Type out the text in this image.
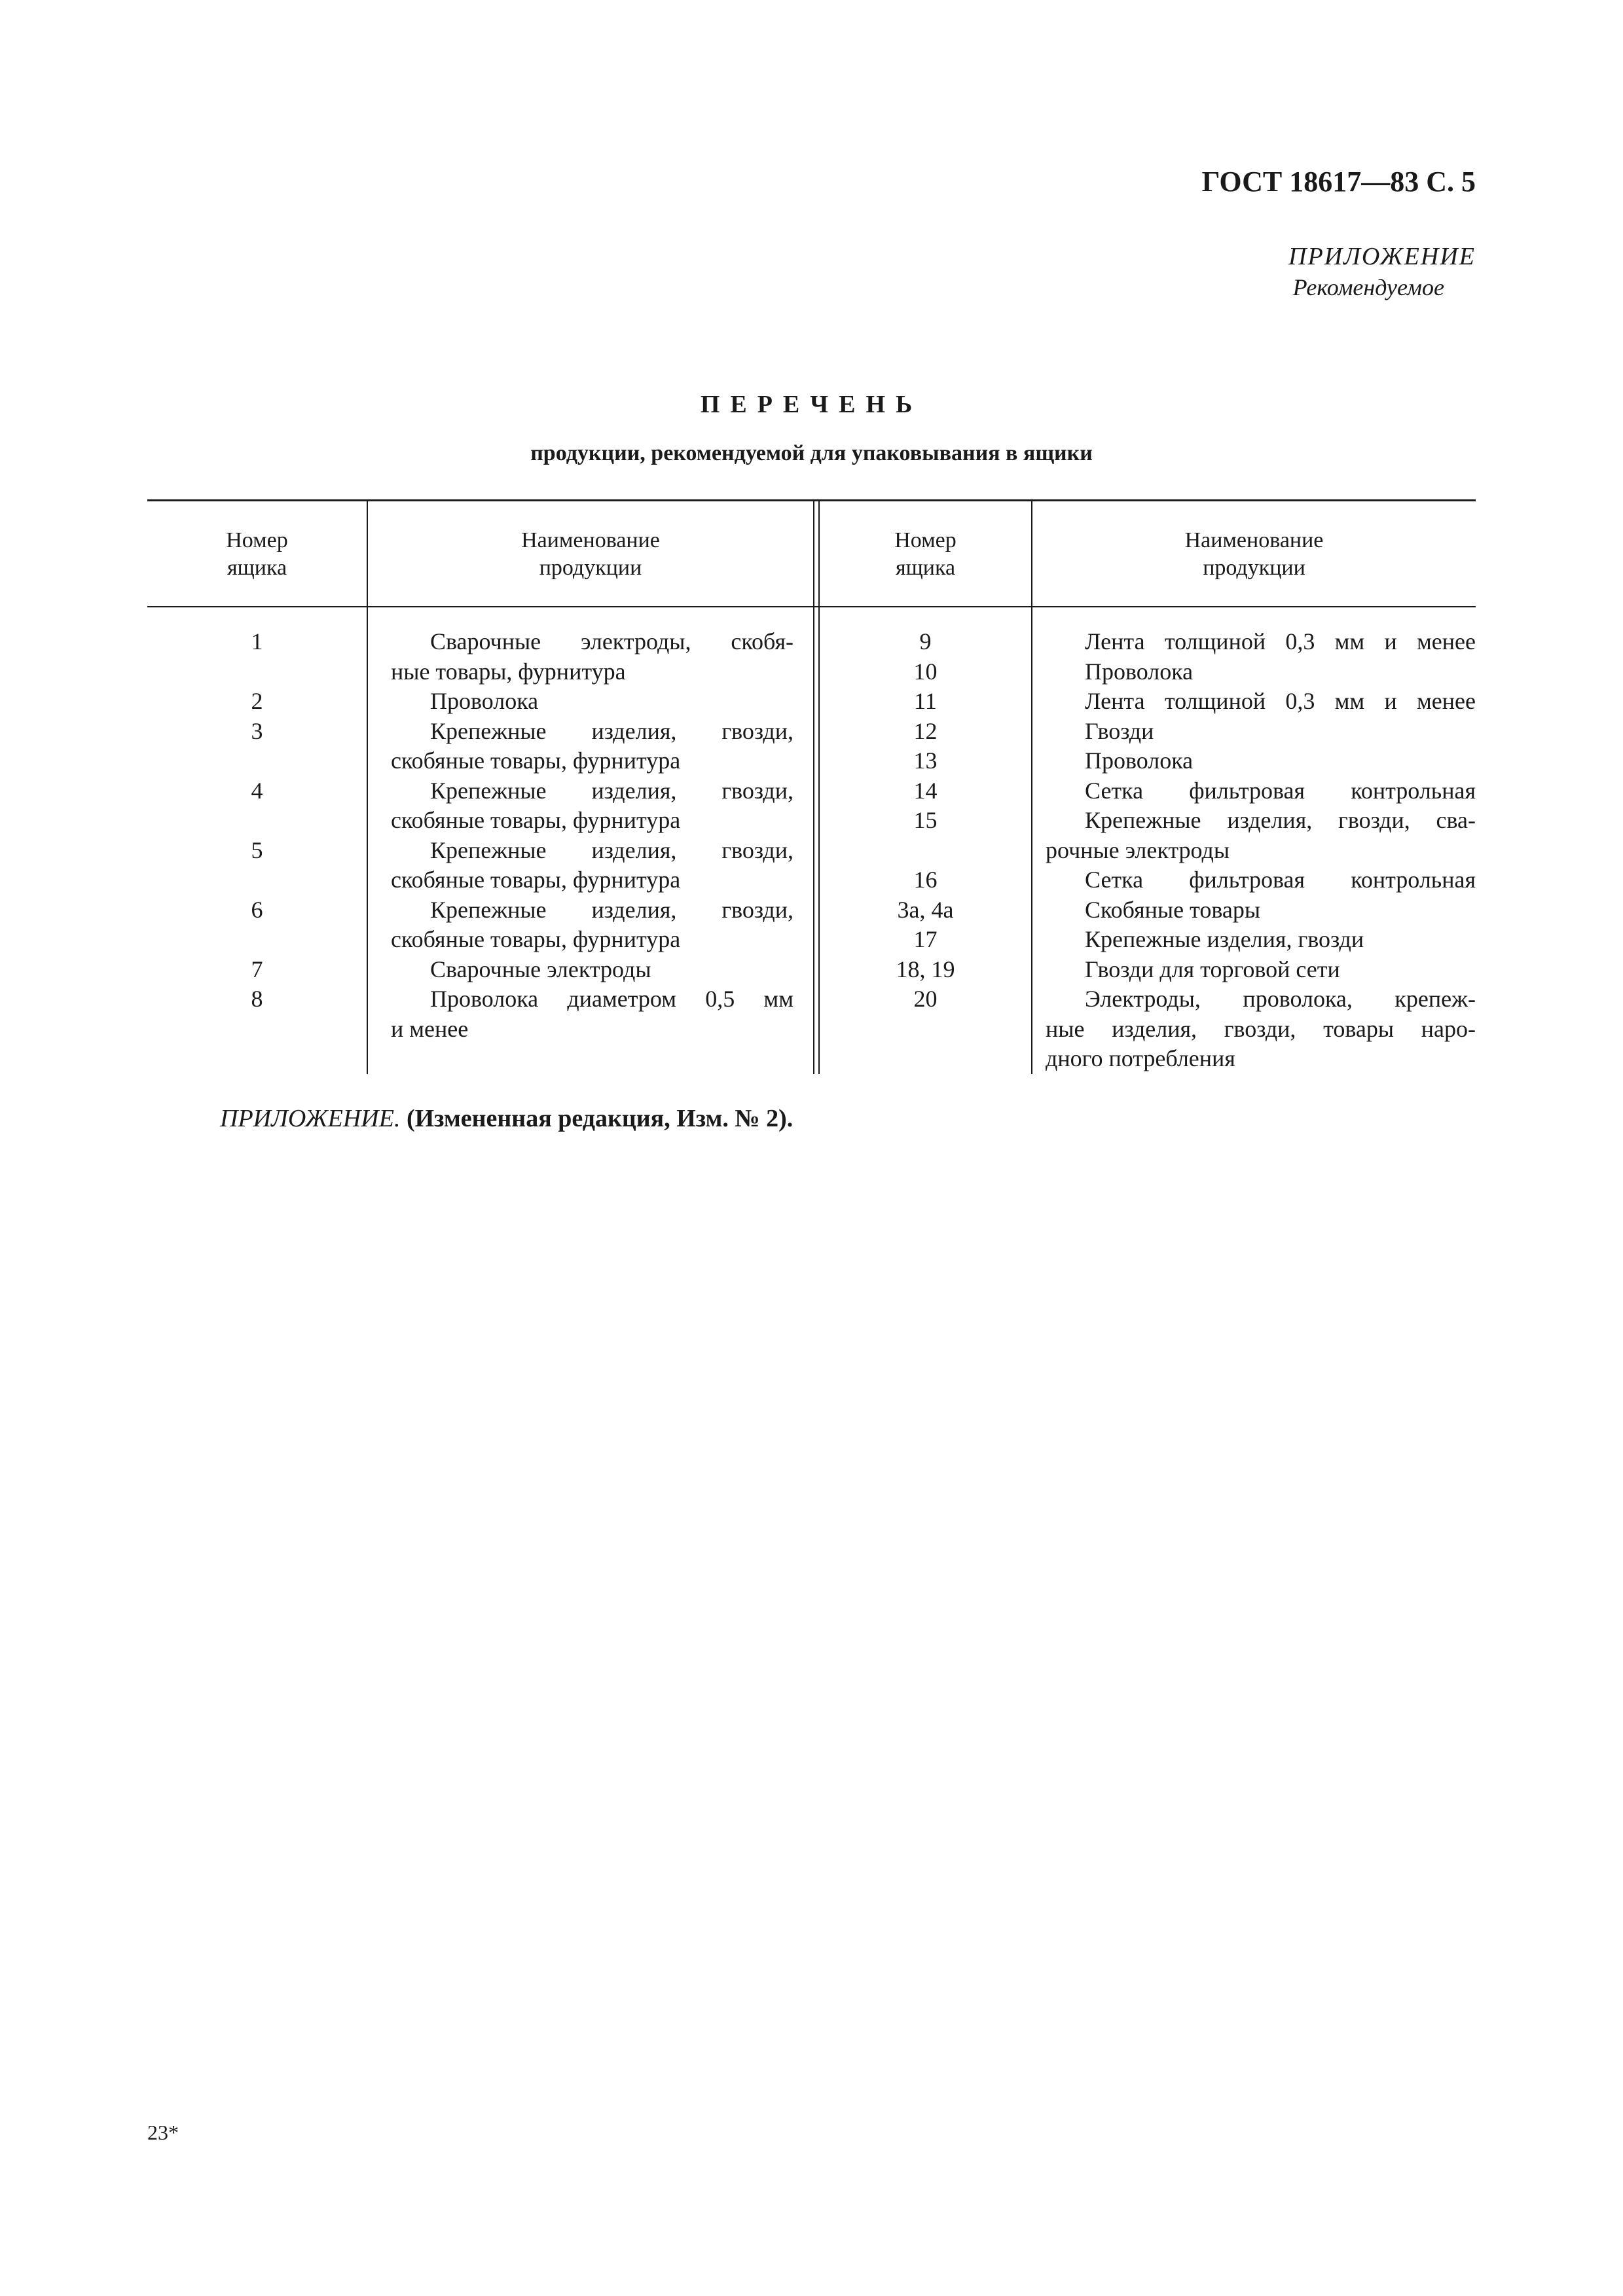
ГОСТ 18617—83 С. 5
ПРИЛОЖЕНИЕ
Рекомендуемое
ПЕРЕЧЕНЬ
продукции, рекомендуемой для упаковывания в ящики
Номер
ящика
Наименование
продукции
Номер
ящика
Наименование
продукции
1
2
3
4
5
6
7
8
Сварочные электроды, скобя-
ные товары, фурнитура
Проволока
Крепежные изделия, гвозди,
скобяные товары, фурнитура
Крепежные изделия, гвозди,
скобяные товары, фурнитура
Крепежные изделия, гвозди,
скобяные товары, фурнитура
Крепежные изделия, гвозди,
скобяные товары, фурнитура
Сварочные электроды
Проволока диаметром 0,5 мм
и менее
9
10
11
12
13
14
15
16
3а, 4а
17
18, 19
20
Лента толщиной 0,3 мм и менее
Проволока
Лента толщиной 0,3 мм и менее
Гвозди
Проволока
Сетка фильтровая контрольная
Крепежные изделия, гвозди, сва-
рочные электроды
Сетка фильтровая контрольная
Скобяные товары
Крепежные изделия, гвозди
Гвозди для торговой сети
Электроды, проволока, крепеж-
ные изделия, гвозди, товары наро-
дного потребления
ПРИЛОЖЕНИЕ. (Измененная редакция, Изм. № 2).
23*
